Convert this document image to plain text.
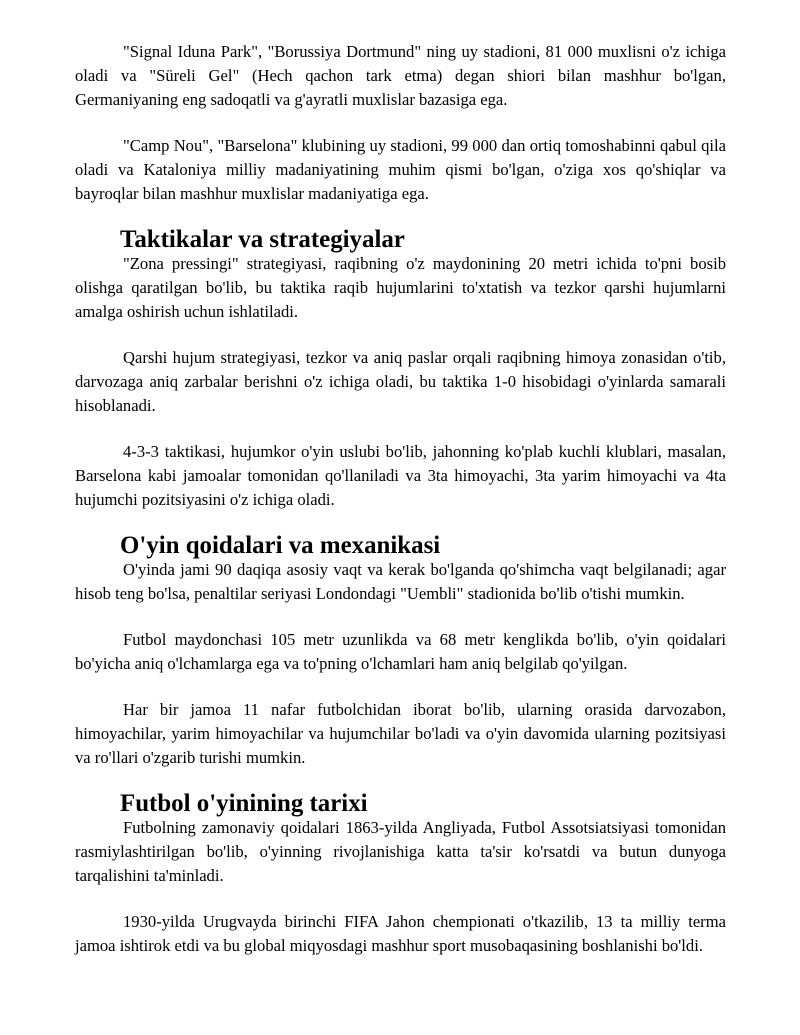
"Signal Iduna Park", "Borussiya Dortmund" ning uy stadioni, 81 000 muxlisni o'z ichiga oladi va "Süreli Gel" (Hech qachon tark etma) degan shiori bilan mashhur bo'lgan, Germaniyaning eng sadoqatli va g'ayratli muxlislar bazasiga ega.

"Camp Nou", "Barselona" klubining uy stadioni, 99 000 dan ortiq tomoshabinni qabul qila oladi va Kataloniya milliy madaniyatining muhim qismi bo'lgan, o'ziga xos qo'shiqlar va bayroqlar bilan mashhur muxlislar madaniyatiga ega.

Taktikalar va strategiyalar

"Zona pressingi" strategiyasi, raqibning o'z maydonining 20 metri ichida to'pni bosib olishga qaratilgan bo'lib, bu taktika raqib hujumlarini to'xtatish va tezkor qarshi hujumlarni amalga oshirish uchun ishlatiladi.

Qarshi hujum strategiyasi, tezkor va aniq paslar orqali raqibning himoya zonasidan o'tib, darvozaga aniq zarbalar berishni o'z ichiga oladi, bu taktika 1-0 hisobidagi o'yinlarda samarali hisoblanadi.

4-3-3 taktikasi, hujumkor o'yin uslubi bo'lib, jahonning ko'plab kuchli klublari, masalan, Barselona kabi jamoalar tomonidan qo'llaniladi va 3ta himoyachi, 3ta yarim himoyachi va 4ta hujumchi pozitsiyasini o'z ichiga oladi.

O'yin qoidalari va mexanikasi

O'yinda jami 90 daqiqa asosiy vaqt va kerak bo'lganda qo'shimcha vaqt belgilanadi; agar hisob teng bo'lsa, penaltilar seriyasi Londondagi "Uembli" stadionida bo'lib o'tishi mumkin.

Futbol maydonchasi 105 metr uzunlikda va 68 metr kenglikda bo'lib, o'yin qoidalari bo'yicha aniq o'lchamlarga ega va to'pning o'lchamlari ham aniq belgilab qo'yilgan.

Har bir jamoa 11 nafar futbolchidan iborat bo'lib, ularning orasida darvozabon, himoyachilar, yarim himoyachilar va hujumchilar bo'ladi va o'yin davomida ularning pozitsiyasi va ro'llari o'zgarib turishi mumkin.

Futbol o'yinining tarixi

Futbolning zamonaviy qoidalari 1863-yilda Angliyada, Futbol Assotsiatsiyasi tomonidan rasmiylashtirilgan bo'lib, o'yinning rivojlanishiga katta ta'sir ko'rsatdi va butun dunyoga tarqalishini ta'minladi.

1930-yilda Urugvayda birinchi FIFA Jahon chempionati o'tkazilib, 13 ta milliy terma jamoa ishtirok etdi va bu global miqyosdagi mashhur sport musobaqasining boshlanishi bo'ldi.
